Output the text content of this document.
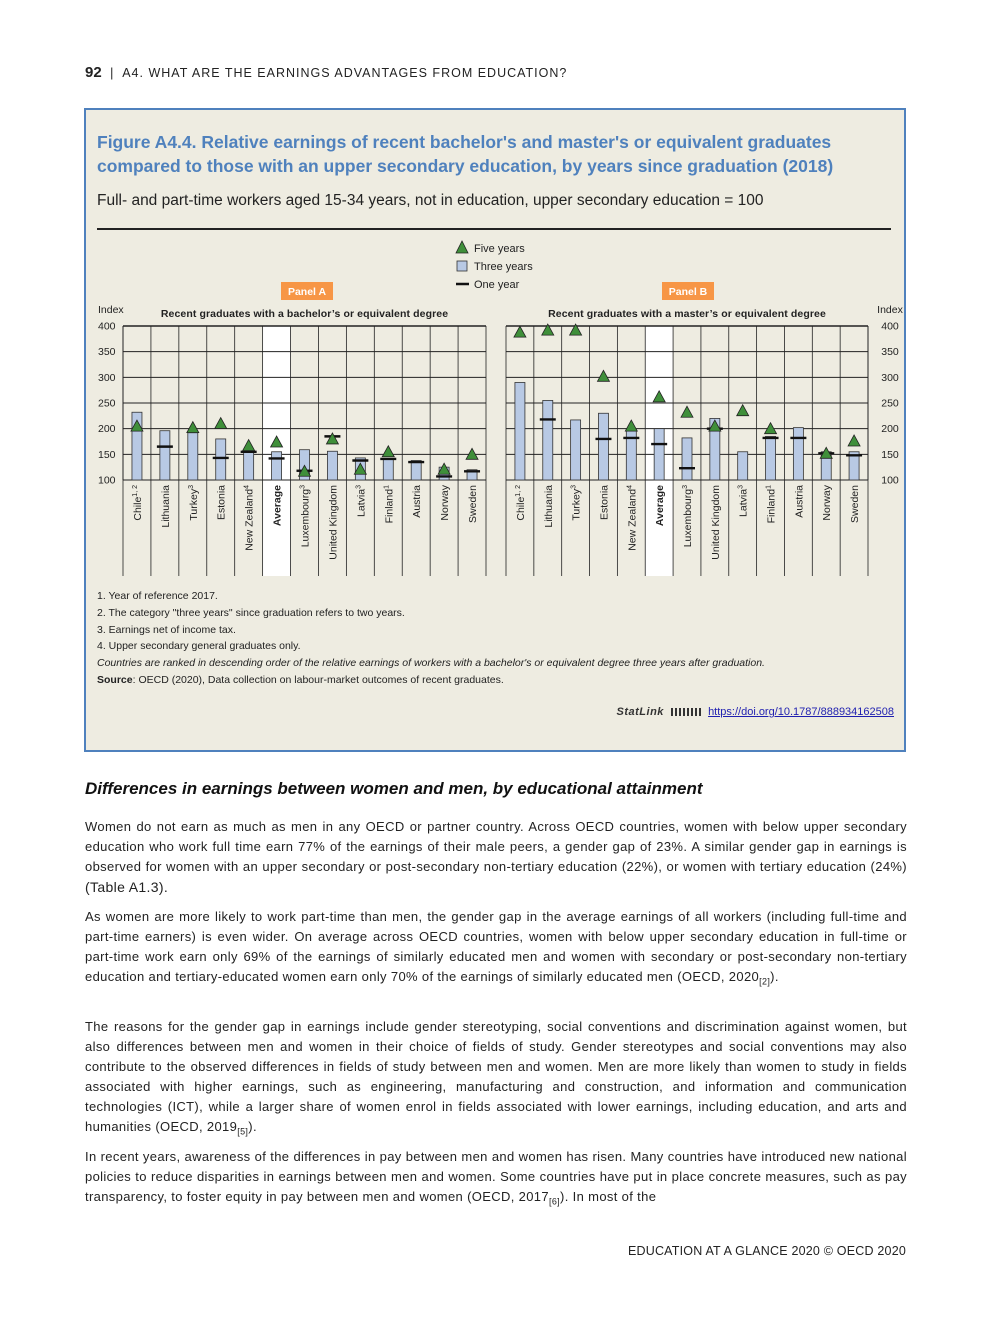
92 | A4. WHAT ARE THE EARNINGS ADVANTAGES FROM EDUCATION?
Figure A4.4. Relative earnings of recent bachelor's and master's or equivalent graduates compared to those with an upper secondary education, by years since graduation (2018)
Full- and part-time workers aged 15-34 years, not in education, upper secondary education = 100
Five years
Three years
One year
Panel A
Recent graduates with a bachelor’s or equivalent degree
Index
100
150
200
250
300
350
400
Chile$^{1, 2}$	Lithuania Turkey$^3$	Estonia New Zealand$^4$	Average Luxembourg$^3$	United Kingdom Latvia$^3$
Finland$^1$	Austria Norway Sweden
Panel B
Recent graduates with a master’s or equivalent degree	Index
100
150
200
250
300
350
400
Chile$^{1, 2}$	Lithuania Turkey$^3$	Estonia New Zealand$^4$	Average Luxembourg$^3$	United Kingdom Latvia$^3$
Finland$^1$	Austria Norway Sweden
1. Year of reference 2017.
2. The category "three years" since graduation refers to two years.
3. Earnings net of income tax.
4. Upper secondary general graduates only.
Countries are ranked in descending order of the relative earnings of workers with a bachelor's or equivalent degree three years after graduation.
Source: OECD (2020), Data collection on labour-market outcomes of recent graduates.
StatLink	https://doi.org/10.1787/888934162508
Differences in earnings between women and men, by educational attainment
Women do not earn as much as men in any OECD or partner country. Across OECD countries, women with below upper secondary education who work full time earn 77% of the earnings of their male peers, a gender gap of 23%. A similar gender gap in earnings is observed for women with an upper secondary or post-secondary non-tertiary education (22%), or women with tertiary education (24%) (Table A1.3).
As women are more likely to work part-time than men, the gender gap in the average earnings of all workers (including full-time and part-time earners) is even wider. On average across OECD countries, women with below upper secondary education in full-time or part-time work earn only 69% of the earnings of similarly educated men and women with secondary or post-secondary non-tertiary education and tertiary-educated women earn only 70% of the earnings of similarly educated men (OECD, $2020_{[2]}$).
The reasons for the gender gap in earnings include gender stereotyping, social conventions and discrimination against women, but also differences between men and women in their choice of fields of study. Gender stereotypes and social conventions may also contribute to the observed differences in fields of study between men and women. Men are more likely than women to study in fields associated with higher earnings, such as engineering, manufacturing and construction, and information and communication technologies (ICT), while a larger share of women enrol in fields associated with lower earnings, including education, and arts and humanities (OECD, $2019_{[5]}$).
In recent years, awareness of the differences in pay between men and women has risen. Many countries have introduced new national policies to reduce disparities in earnings between men and women. Some countries have put in place concrete measures, such as pay transparency, to foster equity in pay between men and women (OECD, $2017_{[6]}$). In most of the
EDUCATION AT A GLANCE 2020 © OECD 2020
